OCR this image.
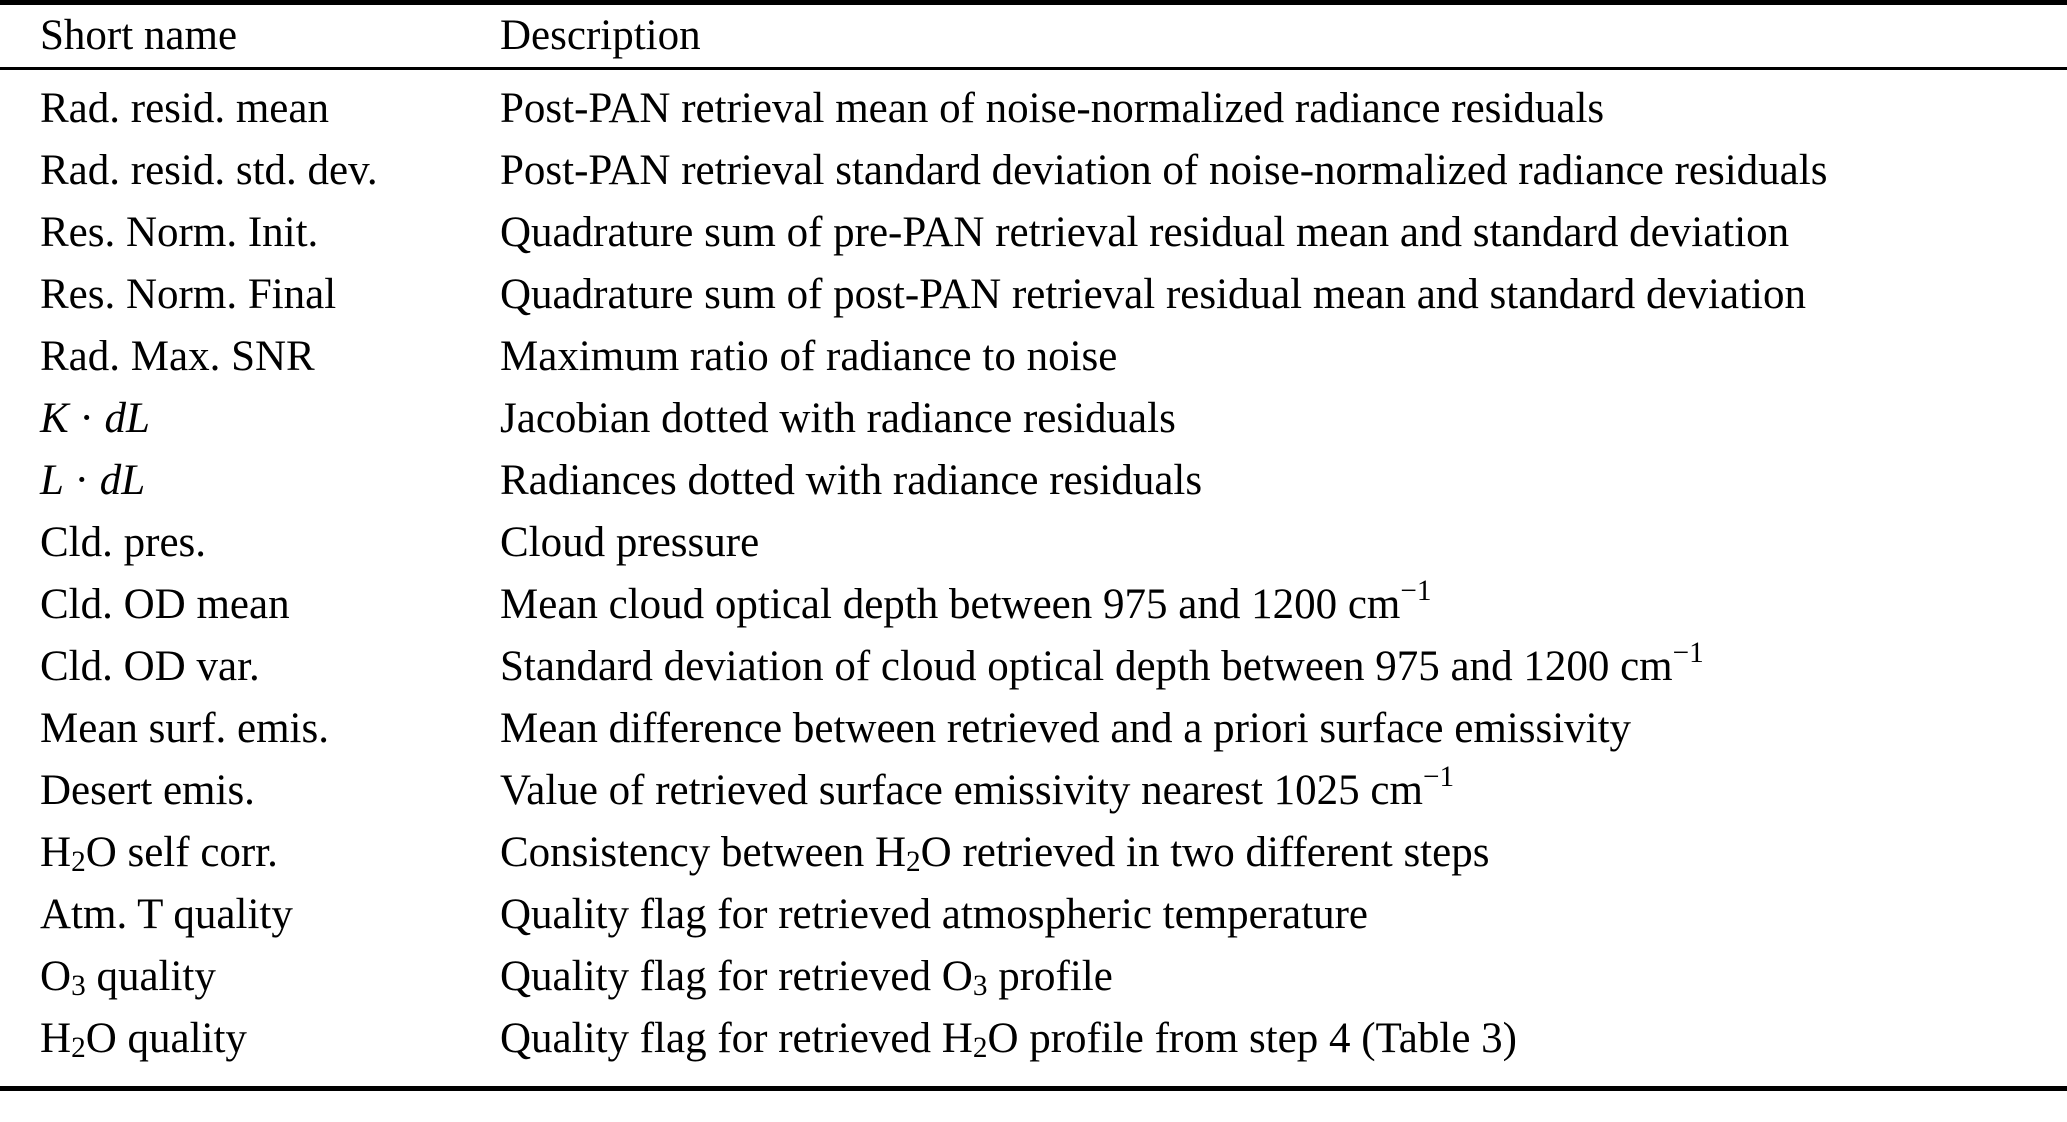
Short name	Description
Rad. resid. mean	Post-PAN retrieval mean of noise-normalized radiance residuals
Rad. resid. std. dev.	Post-PAN retrieval standard deviation of noise-normalized radiance residuals
Res. Norm. Init.	Quadrature sum of pre-PAN retrieval residual mean and standard deviation
Res. Norm. Final	Quadrature sum of post-PAN retrieval residual mean and standard deviation
Rad. Max. SNR	Maximum ratio of radiance to noise
K · dL	Jacobian dotted with radiance residuals
L · dL	Radiances dotted with radiance residuals
Cld. pres.	Cloud pressure
Cld. OD mean	Mean cloud optical depth between 975 and 1200 $cm^{-1}$
Cld. OD var.	Standard deviation of cloud optical depth between 975 and 1200 $cm^{-1}$
Mean surf. emis.	Mean difference between retrieved and a priori surface emissivity
Desert emis.	Value of retrieved surface emissivity nearest 1025 $cm^{-1}$
$H_2O$ self corr.	Consistency between $H_2O$ retrieved in two different steps
Atm. T quality	Quality flag for retrieved atmospheric temperature
$O_3$ quality	Quality flag for retrieved $O_3$ profile
$H_2O$ quality	Quality flag for retrieved $H_2O$ profile from step 4 (Table 3)
